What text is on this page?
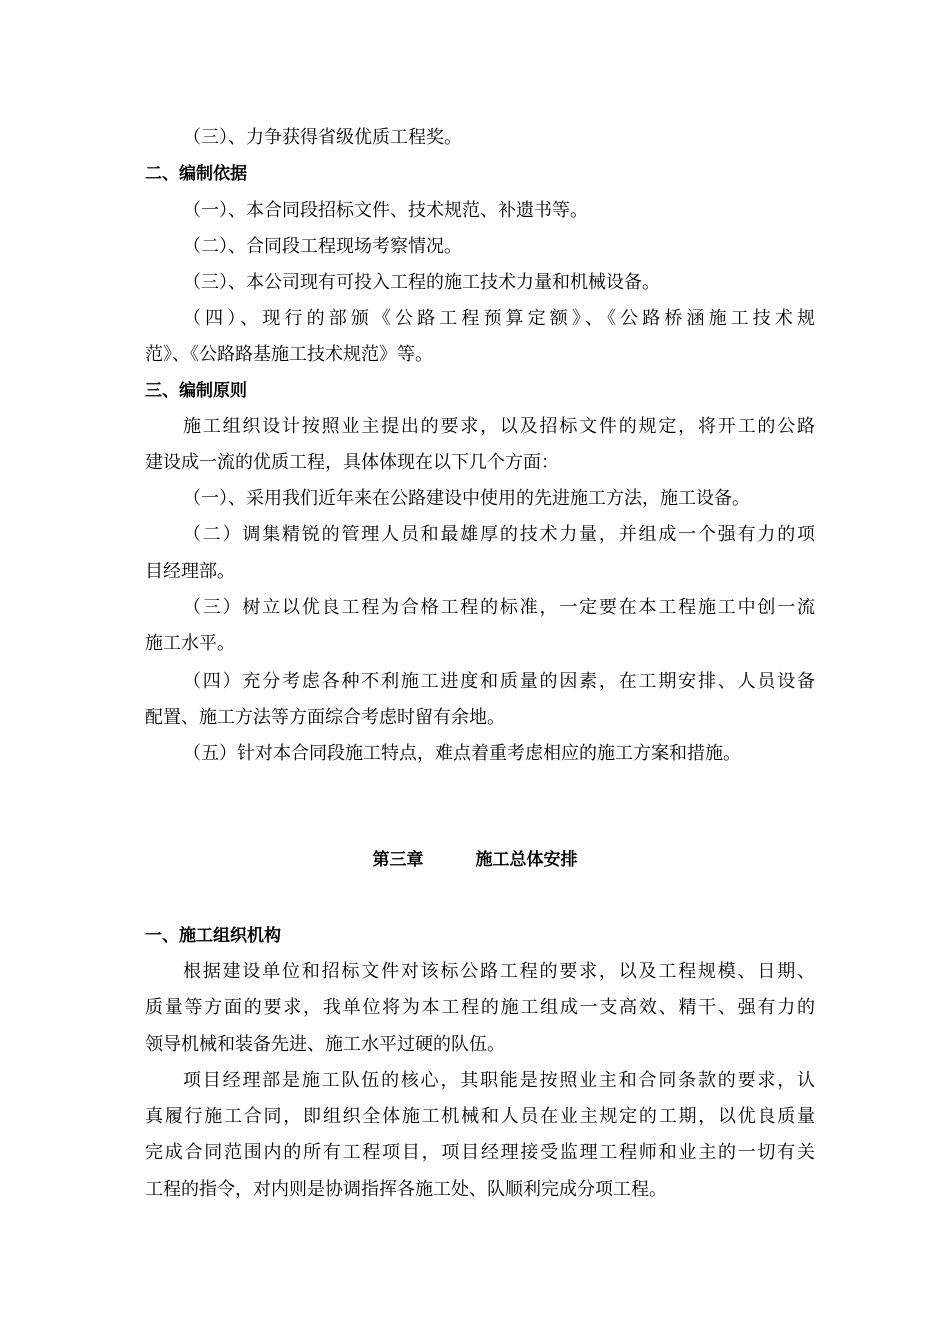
（三）、力争获得省级优质工程奖。
二、编制依据
（一）、本合同段招标文件、技术规范、补遗书等。
（二）、合同段工程现场考察情况。
（三）、本公司现有可投入工程的施工技术力量和机械设备。
（四）、现行的部颁《公路工程预算定额》、《公路桥涵施工技术规
范》、《公路路基施工技术规范》等。
三、编制原则
施工组织设计按照业主提出的要求，以及招标文件的规定，将开工的公路
建设成一流的优质工程，具体体现在以下几个方面：
（一）、采用我们近年来在公路建设中使用的先进施工方法，施工设备。
（二）调集精锐的管理人员和最雄厚的技术力量，并组成一个强有力的项
目经理部。
（三）树立以优良工程为合格工程的标准，一定要在本工程施工中创一流
施工水平。
（四）充分考虑各种不利施工进度和质量的因素，在工期安排、人员设备
配置、施工方法等方面综合考虑时留有余地。
（五）针对本合同段施工特点，难点着重考虑相应的施工方案和措施。
第三章	施工总体安排
一、施工组织机构
根据建设单位和招标文件对该标公路工程的要求，以及工程规模、日期、
质量等方面的要求，我单位将为本工程的施工组成一支高效、精干、强有力的
领导机械和装备先进、施工水平过硬的队伍。
项目经理部是施工队伍的核心，其职能是按照业主和合同条款的要求，认
真履行施工合同，即组织全体施工机械和人员在业主规定的工期，以优良质量
完成合同范围内的所有工程项目，项目经理接受监理工程师和业主的一切有关
工程的指令，对内则是协调指挥各施工处、队顺利完成分项工程。
